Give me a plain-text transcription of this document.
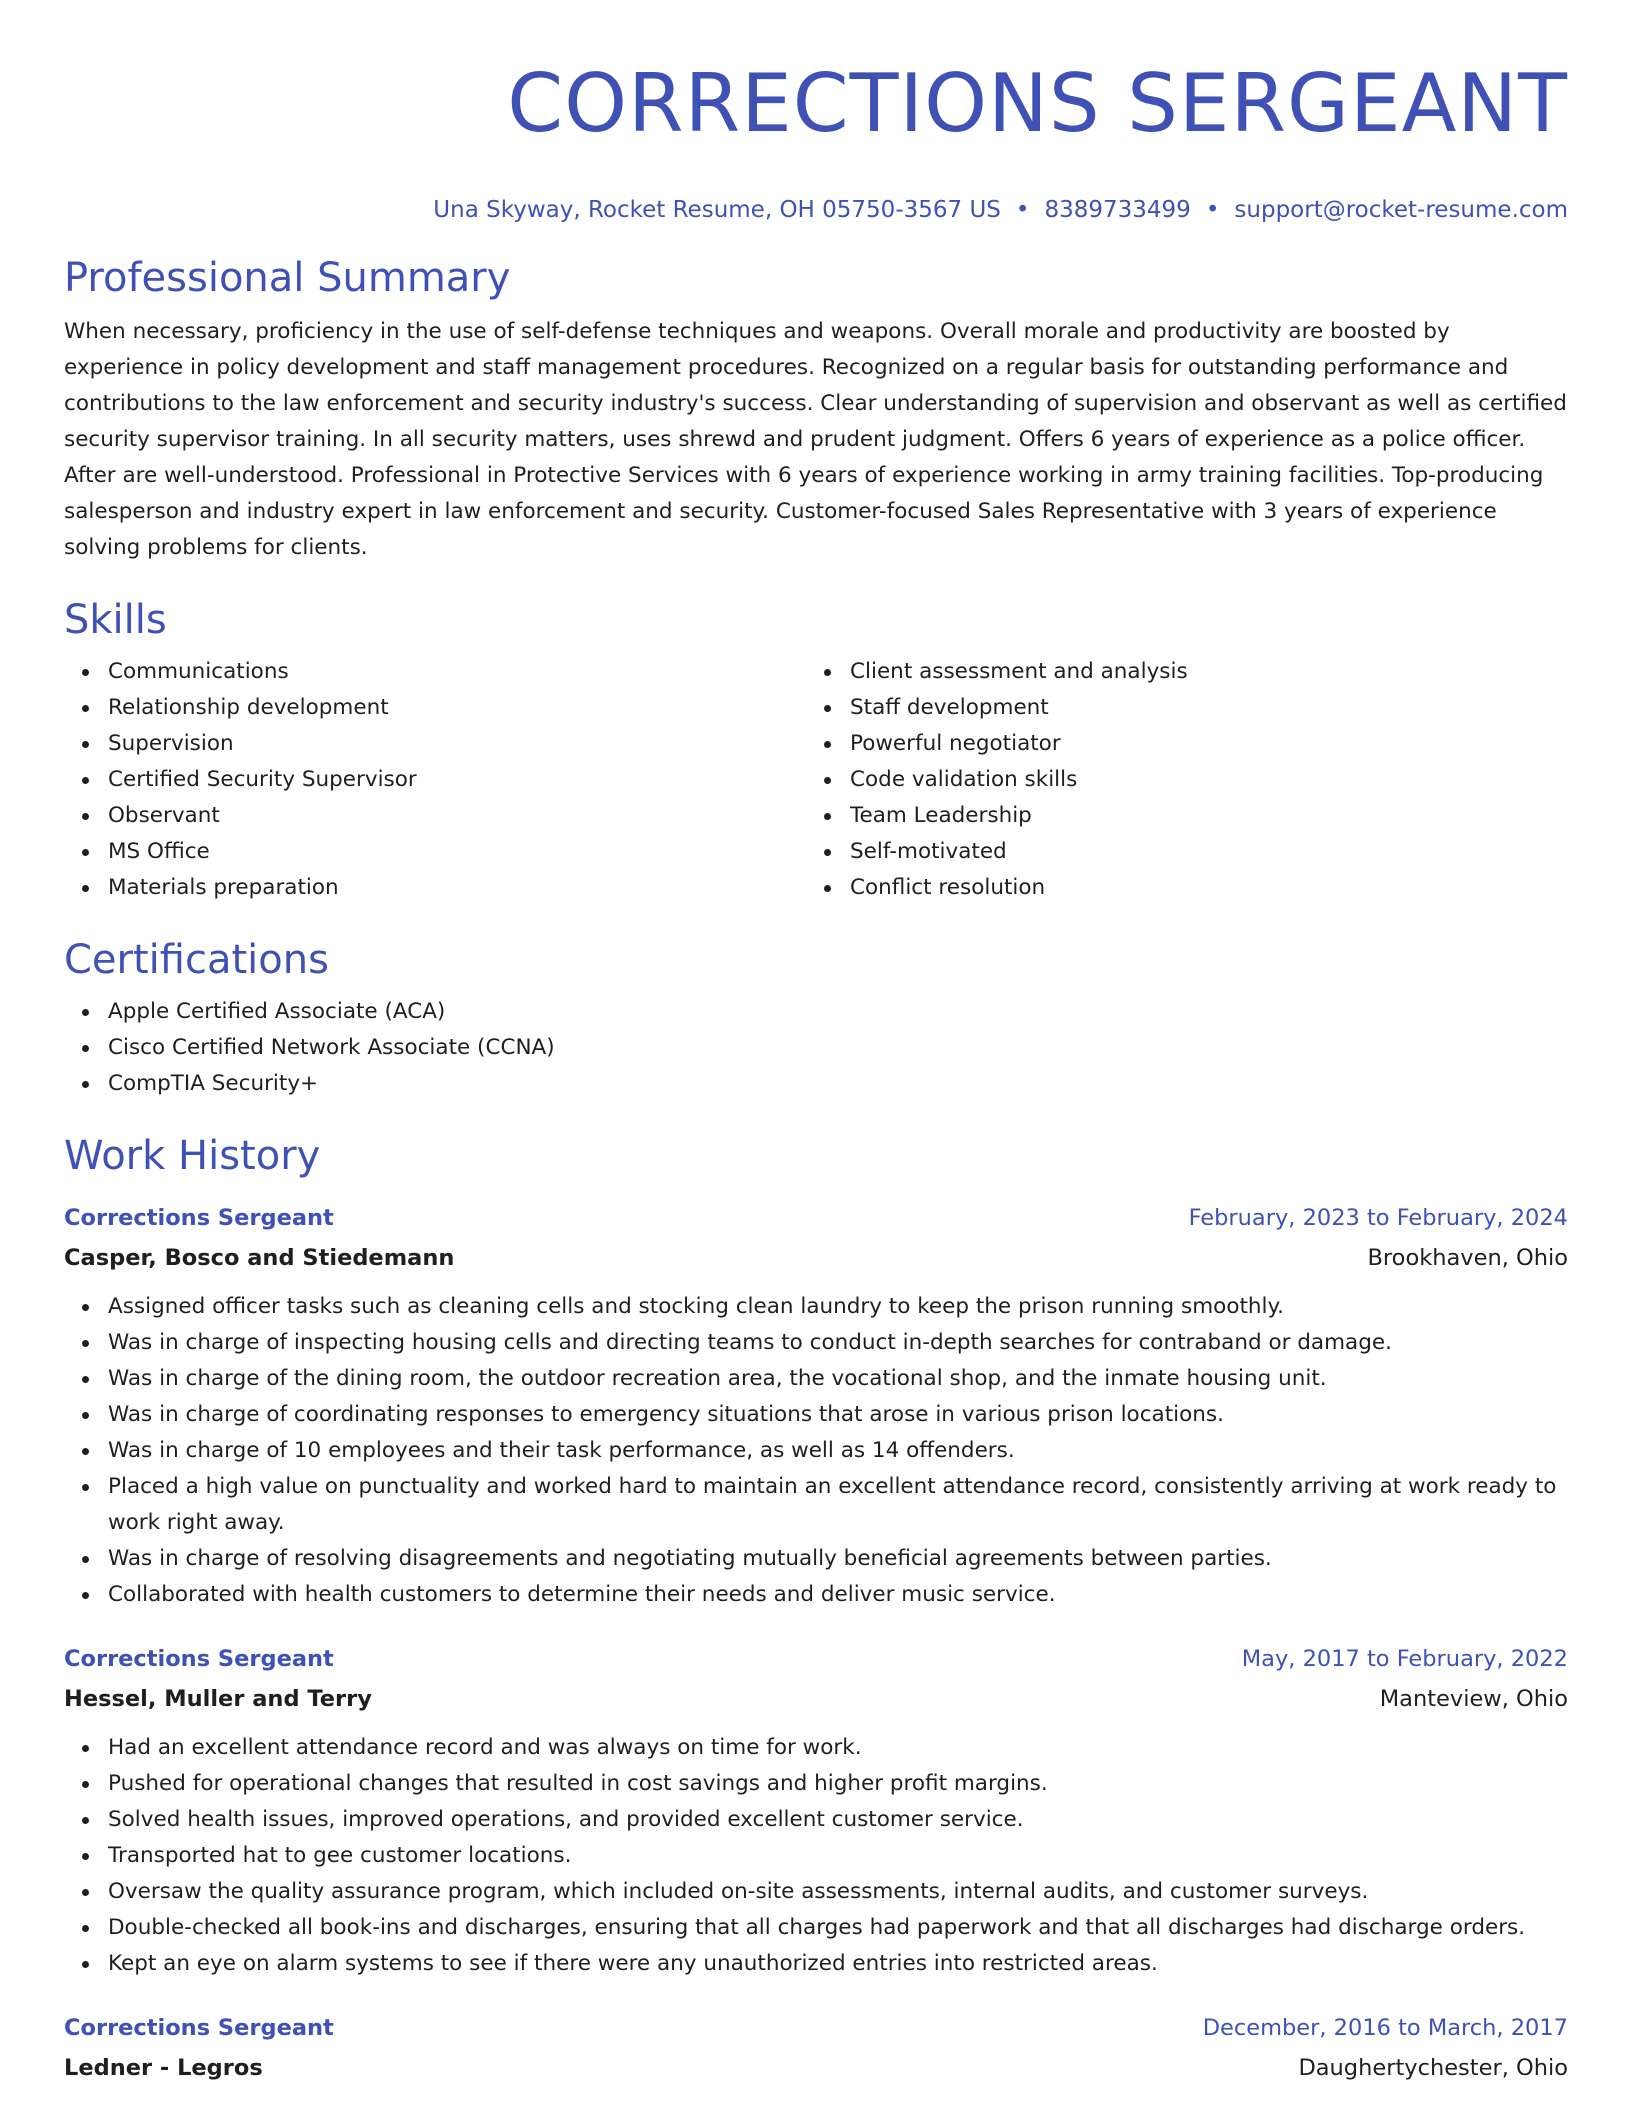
CORRECTIONS SERGEANT
Una Skyway, Rocket Resume, OH 05750-3567 US • 8389733499 • support@rocket-resume.com
Professional Summary

When necessary, proficiency in the use of self-defense techniques and weapons. Overall morale and productivity are boosted by experience in policy development and staff management procedures. Recognized on a regular basis for outstanding performance and contributions to the law enforcement and security industry's success. Clear understanding of supervision and observant as well as certified security supervisor training. In all security matters, uses shrewd and prudent judgment. Offers 6 years of experience as a police officer. After are well-understood. Professional in Protective Services with 6 years of experience working in army training facilities. Top-producing salesperson and industry expert in law enforcement and security. Customer-focused Sales Representative with 3 years of experience solving problems for clients.

Skills
Communications
Relationship development
Supervision
Certified Security Supervisor
Observant
MS Office
Materials preparation
Client assessment and analysis
Staff development
Powerful negotiator
Code validation skills
Team Leadership
Self-motivated
Conflict resolution
Certifications
Apple Certified Associate (ACA)
Cisco Certified Network Associate (CCNA)
CompTIA Security+
Work History
Corrections Sergeant	February, 2023 to February, 2024
Casper, Bosco and Stiedemann	Brookhaven, Ohio
Assigned officer tasks such as cleaning cells and stocking clean laundry to keep the prison running smoothly.
Was in charge of inspecting housing cells and directing teams to conduct in-depth searches for contraband or damage.
Was in charge of the dining room, the outdoor recreation area, the vocational shop, and the inmate housing unit.
Was in charge of coordinating responses to emergency situations that arose in various prison locations.
Was in charge of 10 employees and their task performance, as well as 14 offenders.
Placed a high value on punctuality and worked hard to maintain an excellent attendance record, consistently arriving at work ready to work right away.
Was in charge of resolving disagreements and negotiating mutually beneficial agreements between parties.
Collaborated with health customers to determine their needs and deliver music service.
Corrections Sergeant	May, 2017 to February, 2022
Hessel, Muller and Terry	Manteview, Ohio
Had an excellent attendance record and was always on time for work.
Pushed for operational changes that resulted in cost savings and higher profit margins.
Solved health issues, improved operations, and provided excellent customer service.
Transported hat to gee customer locations.
Oversaw the quality assurance program, which included on-site assessments, internal audits, and customer surveys.
Double-checked all book-ins and discharges, ensuring that all charges had paperwork and that all discharges had discharge orders.
Kept an eye on alarm systems to see if there were any unauthorized entries into restricted areas.
Corrections Sergeant	December, 2016 to March, 2017
Ledner - Legros	Daughertychester, Ohio
